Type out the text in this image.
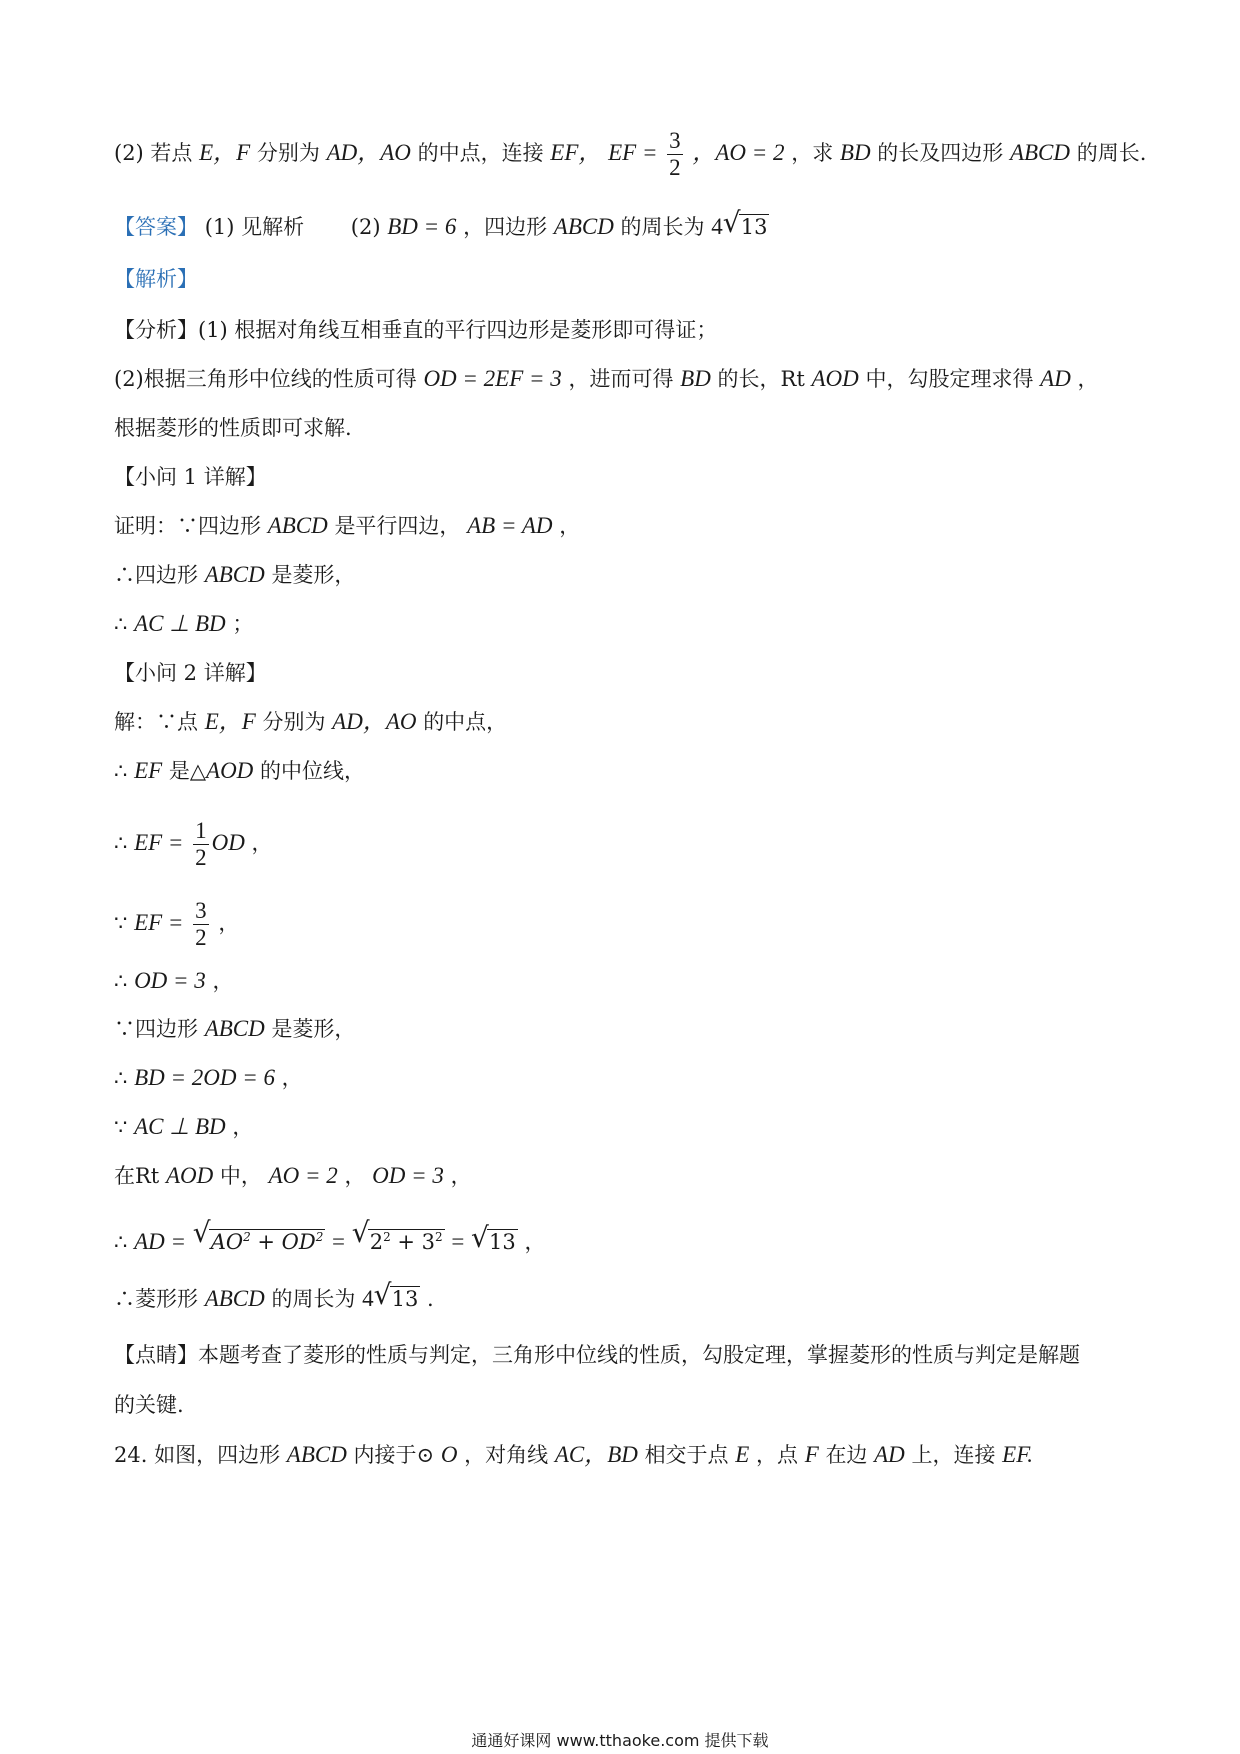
(2) 若点 E，F 分别为 AD，AO 的中点，连接 EF， EF = $\frac{3}{2}$ ，AO = 2 ，求 BD 的长及四边形 ABCD 的周长.
【答案】 (1) 见解析 (2) BD = 6 ，四边形 ABCD 的周长为 4 √ 13
【解析】
【分析】(1) 根据对角线互相垂直的平行四边形是菱形即可得证；
(2)根据三角形中位线的性质可得 OD = 2EF = 3 ，进而可得 BD 的长，Rt AOD 中，勾股定理求得 AD ，
根据菱形的性质即可求解.
【小问 1 详解】
证明：∵四边形 ABCD 是平行四边， AB = AD ，
∴四边形 ABCD 是菱形，
∴ AC ⊥ BD ；
【小问 2 详解】
解：∵点 E，F 分别为 AD，AO 的中点，
∴ EF 是△AOD 的中位线，
∴ EF = $\frac{1}{2}$ OD ，
∵ EF = $\frac{3}{2}$ ，
∴ OD = 3 ，
∵四边形 ABCD 是菱形，
∴ BD = 2OD = 6 ，
∵ AC ⊥ BD ，
在Rt AOD 中， AO = 2 ， OD = 3 ，
∴ AD = √ $AO^2 + OD^2$ = √ $2^2 + 3^2$ = √ 13 ，
∴菱形形 ABCD 的周长为 4 √ 13 .
【点睛】本题考查了菱形的性质与判定，三角形中位线的性质，勾股定理，掌握菱形的性质与判定是解题
的关键.
24. 如图，四边形 ABCD 内接于⊙ O ，对角线 AC，BD 相交于点 E ，点 F 在边 AD 上，连接 EF.
通通好课网 www.tthaoke.com 提供下载
